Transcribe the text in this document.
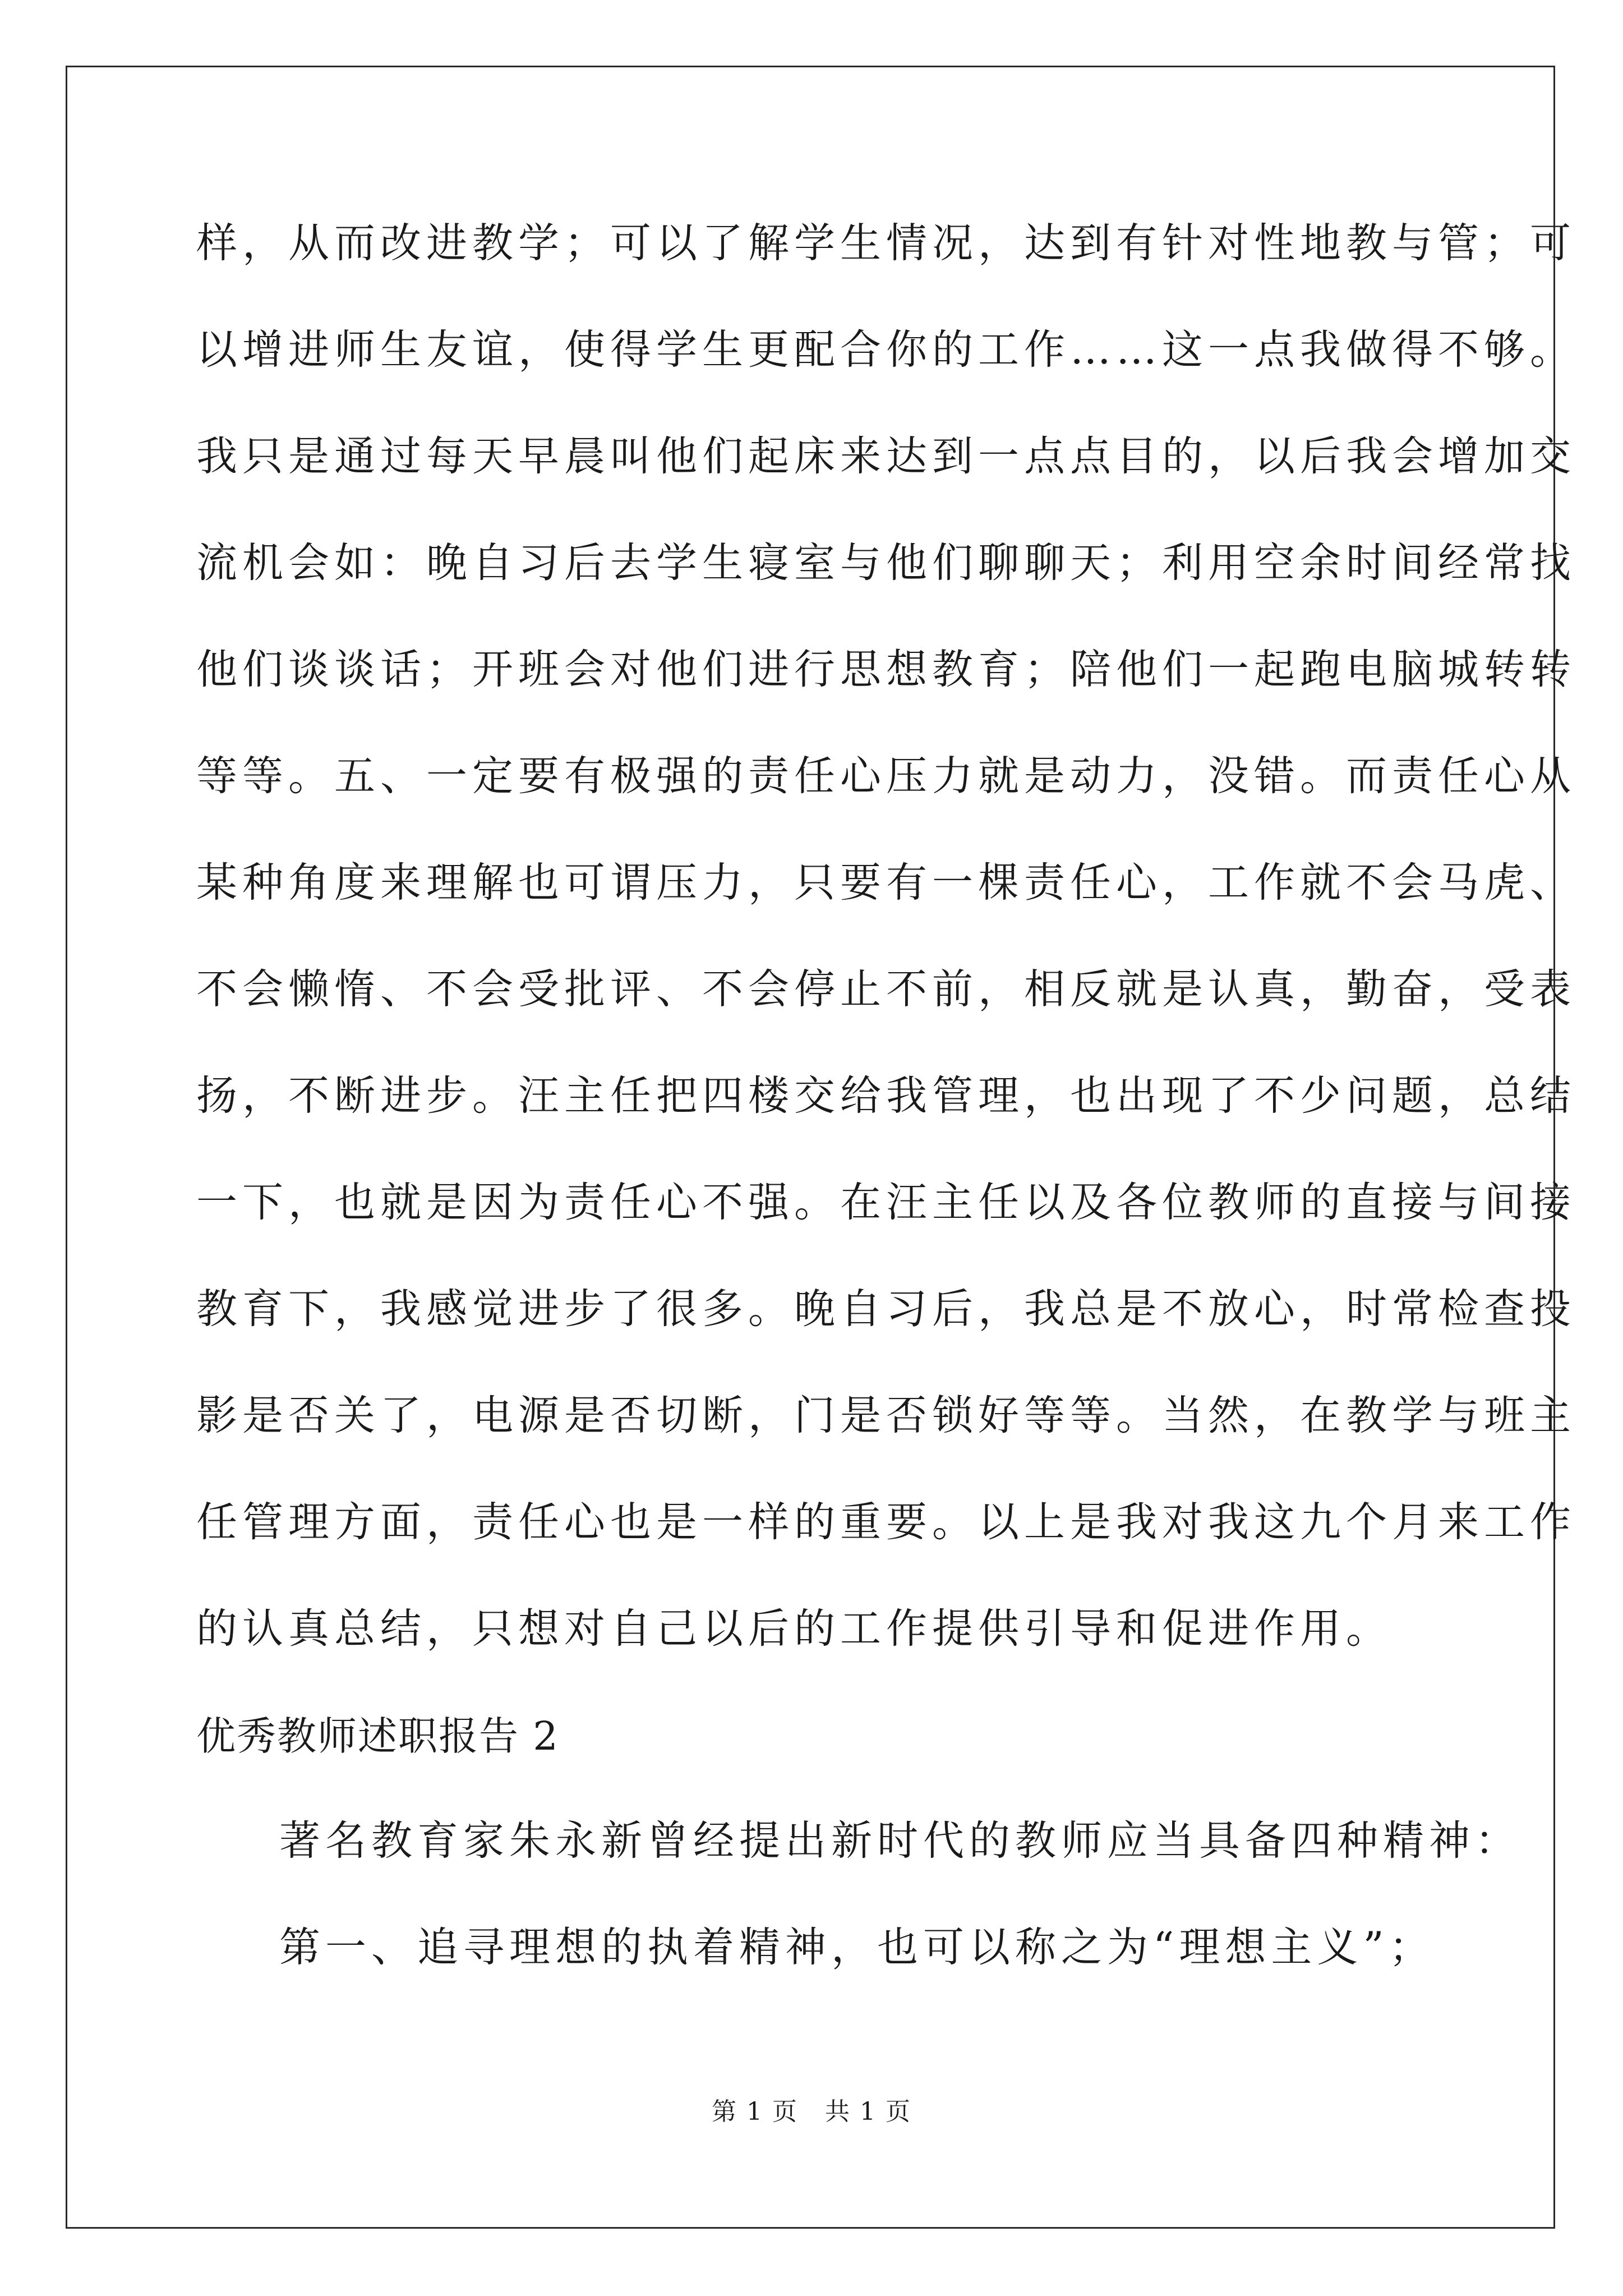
样，从而改进教学；可以了解学生情况，达到有针对性地教与管；可
以增进师生友谊，使得学生更配合你的工作……这一点我做得不够。
我只是通过每天早晨叫他们起床来达到一点点目的，以后我会增加交
流机会如：晚自习后去学生寝室与他们聊聊天；利用空余时间经常找
他们谈谈话；开班会对他们进行思想教育；陪他们一起跑电脑城转转
等等。五、一定要有极强的责任心压力就是动力，没错。而责任心从
某种角度来理解也可谓压力，只要有一棵责任心，工作就不会马虎、
不会懒惰、不会受批评、不会停止不前，相反就是认真，勤奋，受表
扬，不断进步。汪主任把四楼交给我管理，也出现了不少问题，总结
一下，也就是因为责任心不强。在汪主任以及各位教师的直接与间接
教育下，我感觉进步了很多。晚自习后，我总是不放心，时常检查投
影是否关了，电源是否切断，门是否锁好等等。当然，在教学与班主
任管理方面，责任心也是一样的重要。以上是我对我这九个月来工作
的认真总结，只想对自己以后的工作提供引导和促进作用。
优秀教师述职报告 2
著名教育家朱永新曾经提出新时代的教师应当具备四种精神：
第一、追寻理想的执着精神，也可以称之为“理想主义”；
第 1 页   共 1 页
